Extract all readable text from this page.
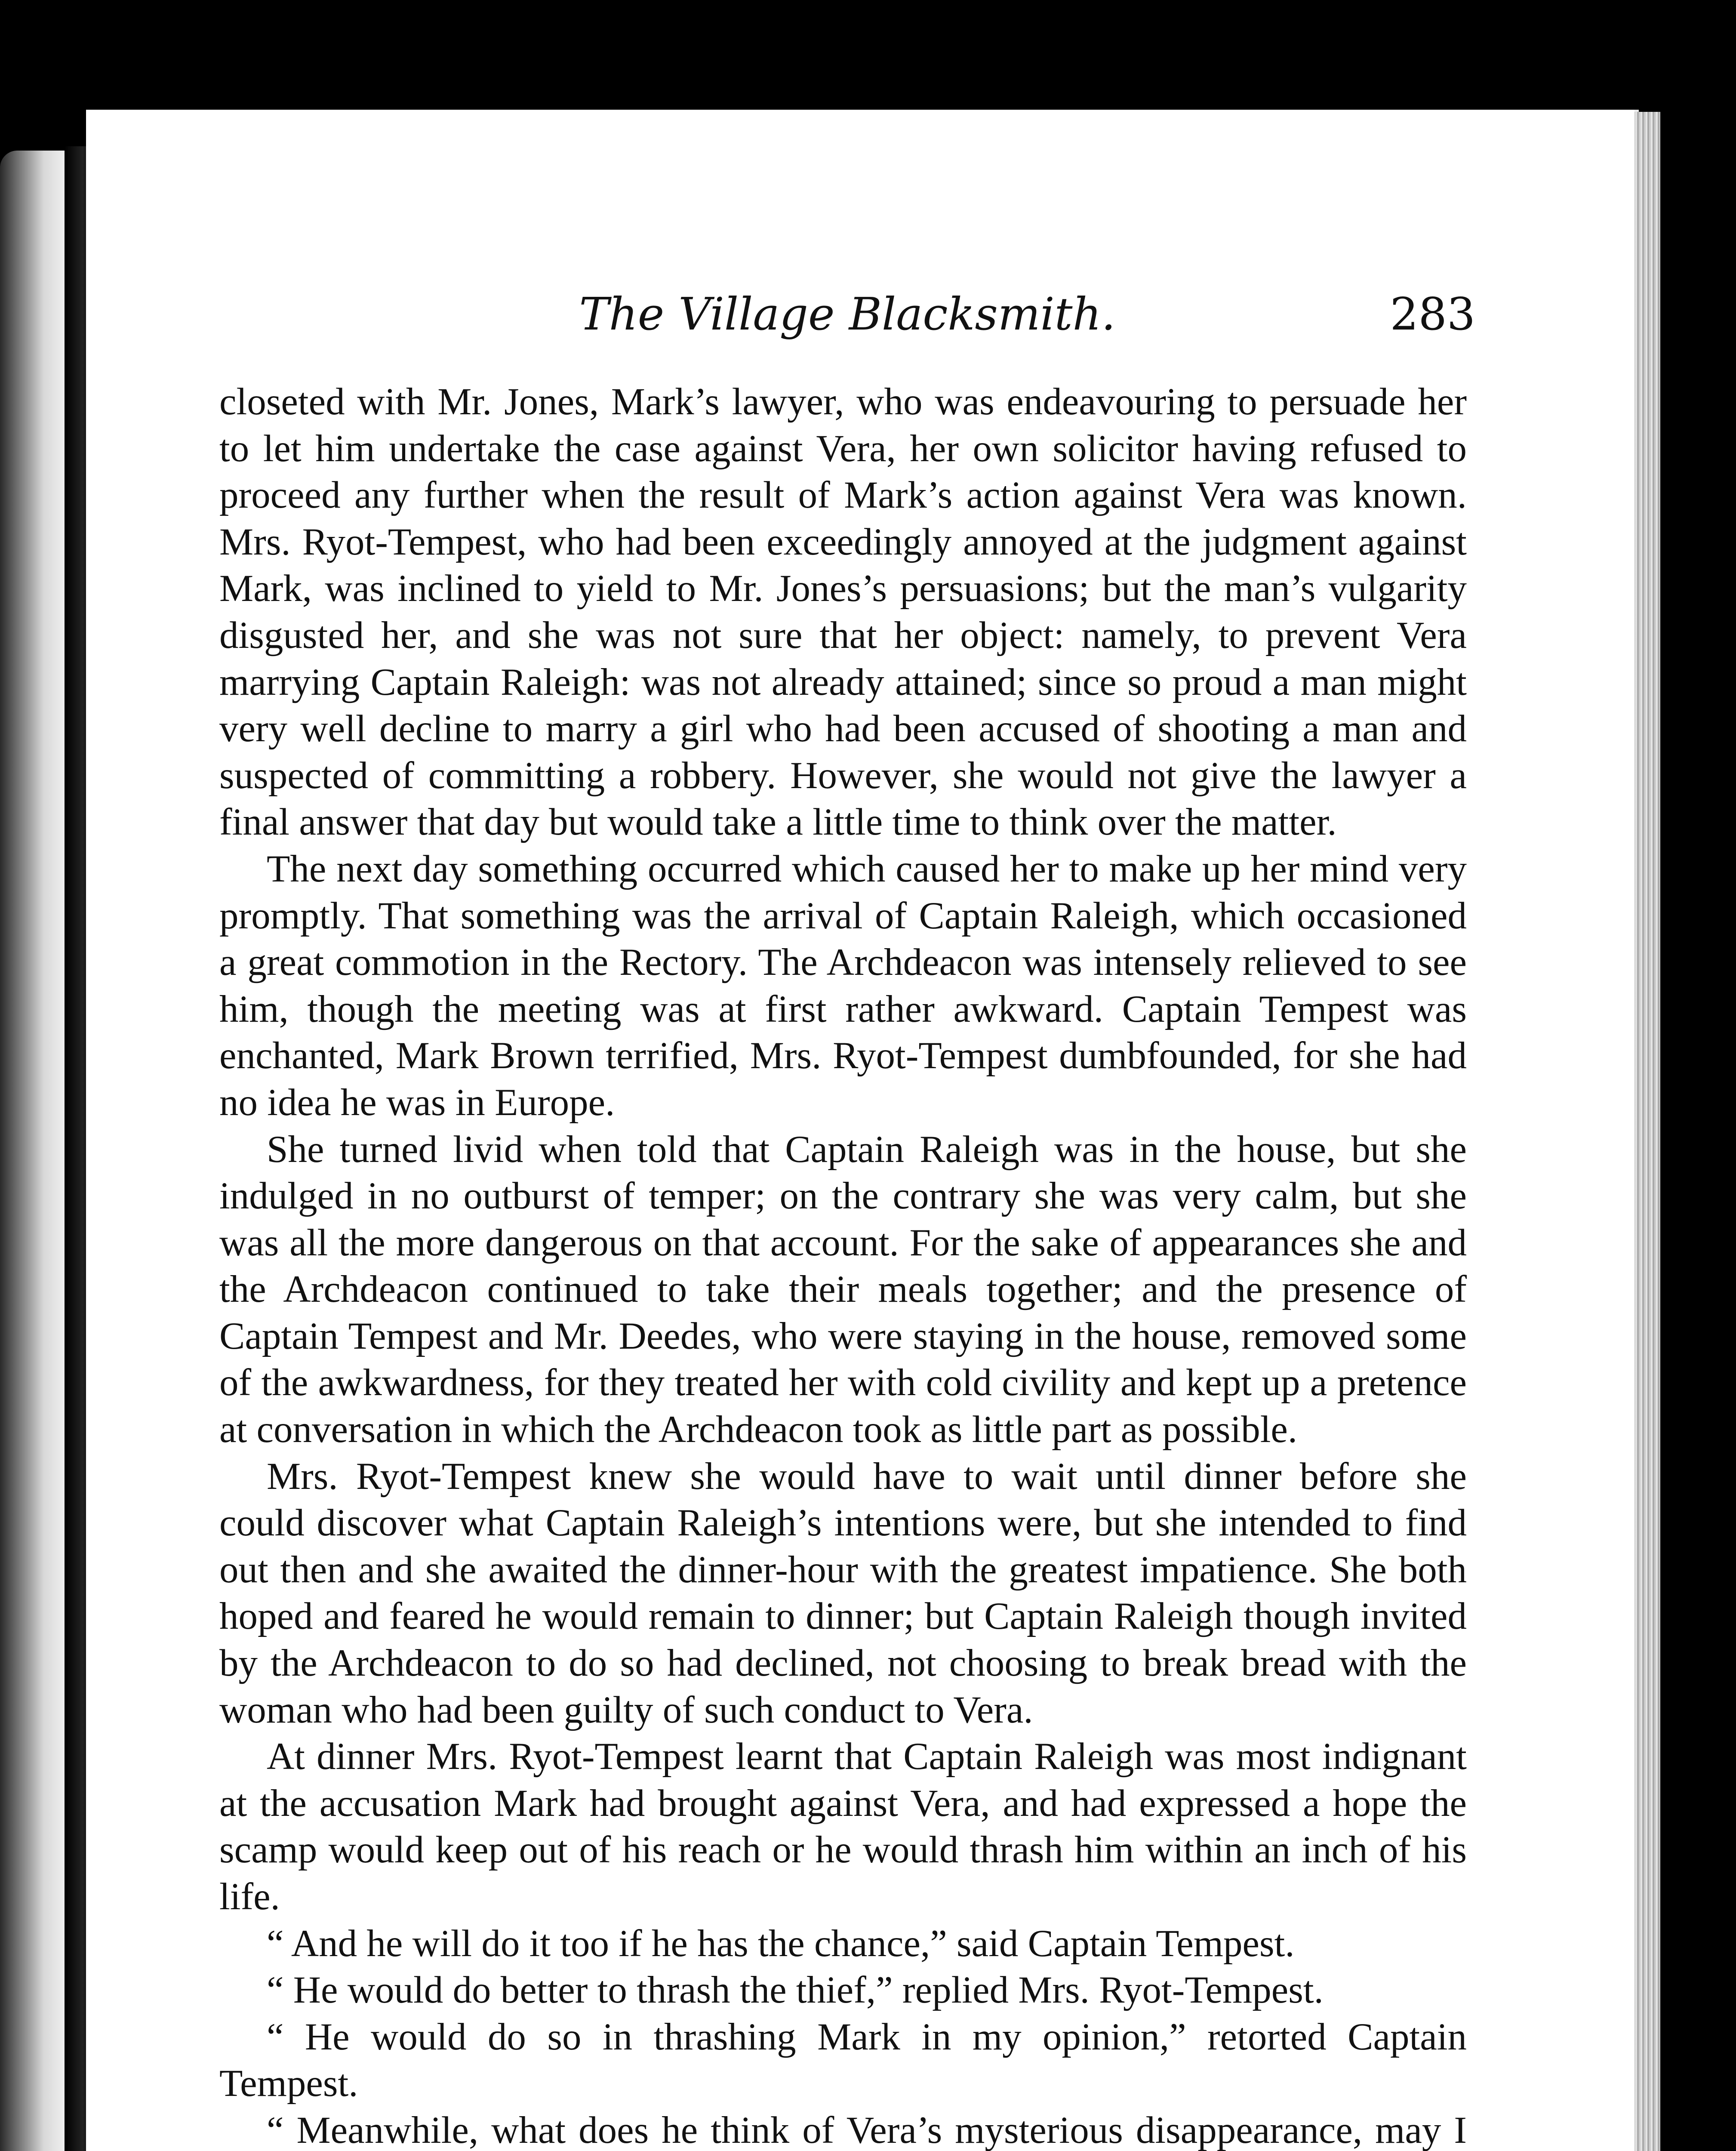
The Village Blacksmith.	283

closeted with Mr. Jones, Mark’s lawyer, who was endeavouring to persuade her to let him undertake the case against Vera, her own solicitor having refused to proceed any further when the result of Mark’s action against Vera was known. Mrs. Ryot-Tempest, who had been exceedingly annoyed at the judgment against Mark, was inclined to yield to Mr. Jones’s persuasions; but the man’s vulgarity disgusted her, and she was not sure that her object: namely, to prevent Vera marrying Captain Raleigh: was not already attained; since so proud a man might very well decline to marry a girl who had been accused of shooting a man and suspected of committing a robbery. However, she would not give the lawyer a final answer that day but would take a little time to think over the matter.

The next day something occurred which caused her to make up her mind very promptly. That something was the arrival of Captain Raleigh, which occasioned a great commotion in the Rectory. The Archdeacon was intensely relieved to see him, though the meeting was at first rather awkward. Captain Tempest was enchanted, Mark Brown terrified, Mrs. Ryot-Tempest dumbfounded, for she had no idea he was in Europe.

She turned livid when told that Captain Raleigh was in the house, but she indulged in no outburst of temper; on the contrary she was very calm, but she was all the more dangerous on that account. For the sake of appearances she and the Archdeacon continued to take their meals together; and the presence of Captain Tempest and Mr. Deedes, who were staying in the house, removed some of the awkwardness, for they treated her with cold civility and kept up a pretence at conversation in which the Archdeacon took as little part as possible.

Mrs. Ryot-Tempest knew she would have to wait until dinner before she could discover what Captain Raleigh’s intentions were, but she intended to find out then and she awaited the dinner-hour with the greatest impatience. She both hoped and feared he would remain to dinner; but Captain Raleigh though invited by the Archdeacon to do so had declined, not choosing to break bread with the woman who had been guilty of such conduct to Vera.

At dinner Mrs. Ryot-Tempest learnt that Captain Raleigh was most indignant at the accusation Mark had brought against Vera, and had expressed a hope the scamp would keep out of his reach or he would thrash him within an inch of his life.

“ And he will do it too if he has the chance,” said Captain Tempest.

“ He would do better to thrash the thief,” replied Mrs. Ryot-Tempest.

“ He would do so in thrashing Mark in my opinion,” retorted Captain Tempest.

“ Meanwhile, what does he think of Vera’s mysterious disappearance, may I
